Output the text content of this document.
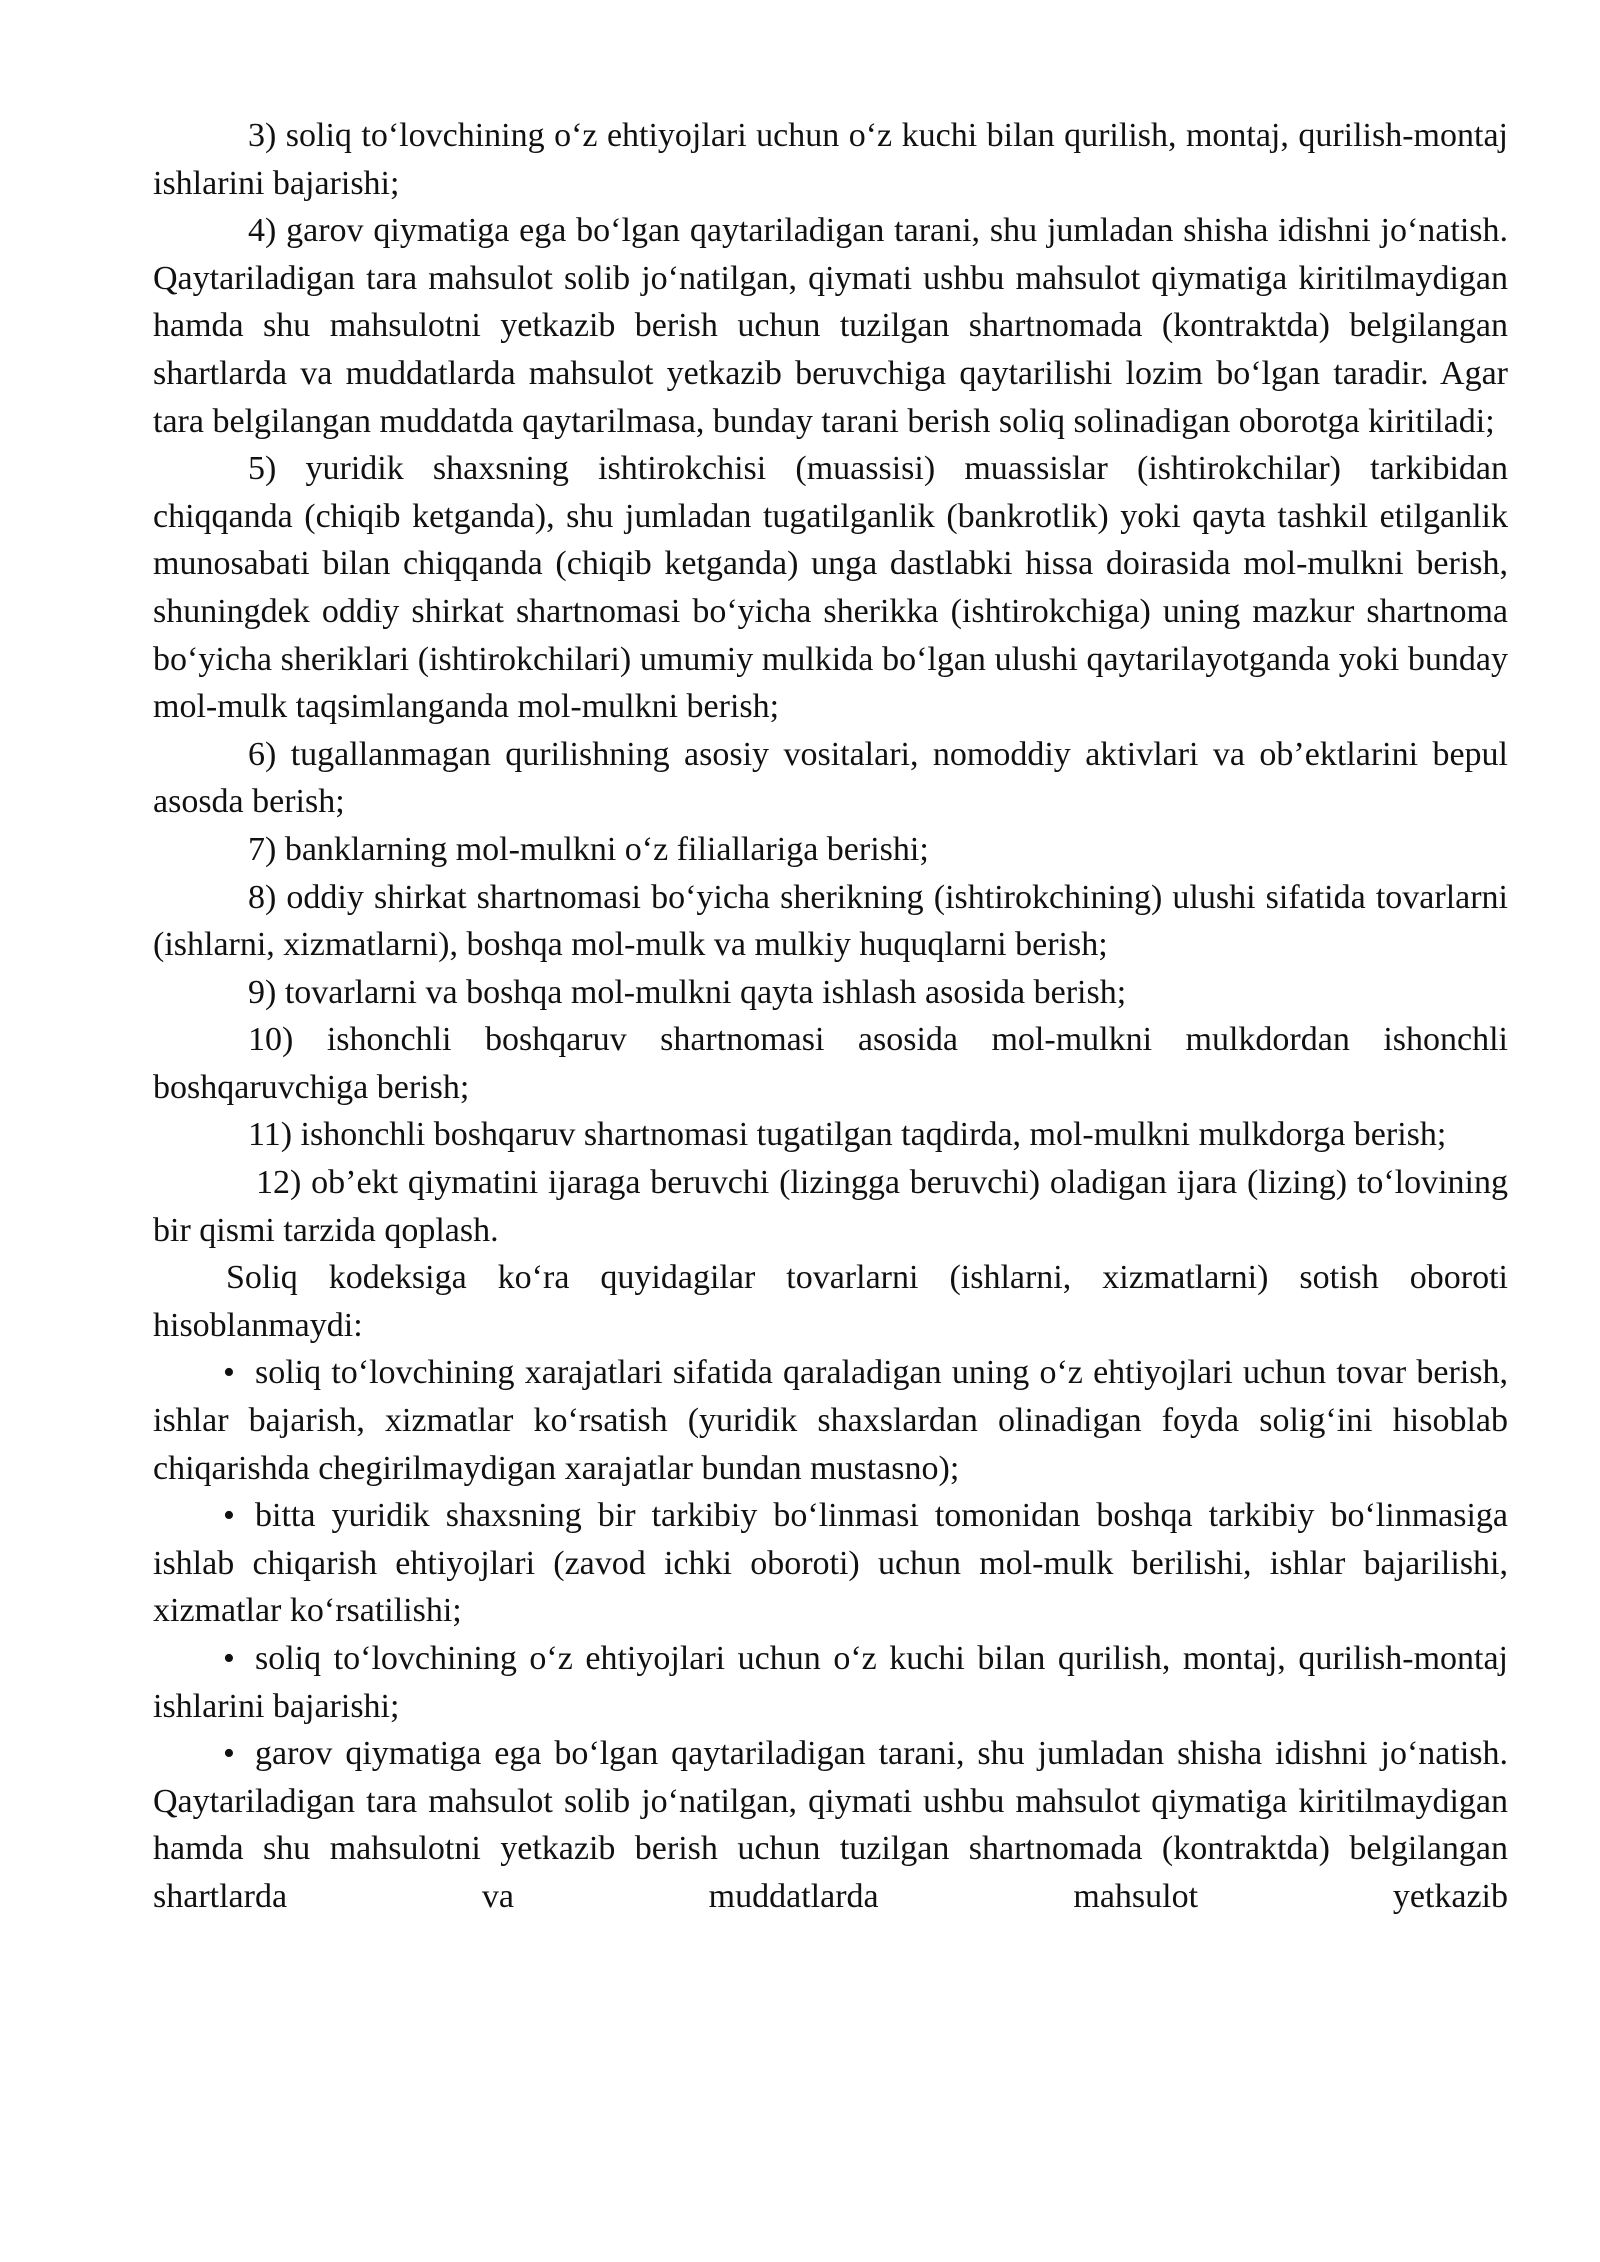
3) soliq to‘lovchining o‘z ehtiyojlari uchun o‘z kuchi bilan qurilish, montaj, qurilish-montaj ishlarini bajarishi;

4) garov qiymatiga ega bo‘lgan qaytariladigan tarani, shu jumladan shisha idishni jo‘natish. Qaytariladigan tara mahsulot solib jo‘natilgan, qiymati ushbu mahsulot qiymatiga kiritilmaydigan hamda shu mahsulotni yetkazib berish uchun tuzilgan shartnomada (kontraktda) belgilangan shartlarda va muddatlarda mahsulot yetkazib beruvchiga qaytarilishi lozim bo‘lgan taradir. Agar tara belgilangan muddatda qaytarilmasa, bunday tarani berish soliq solinadigan oborotga kiritiladi;

5) yuridik shaxsning ishtirokchisi (muassisi) muassislar (ishtirokchilar) tarkibidan chiqqanda (chiqib ketganda), shu jumladan tugatilganlik (bankrotlik) yoki qayta tashkil etilganlik munosabati bilan chiqqanda (chiqib ketganda) unga dastlabki hissa doirasida mol-mulkni berish, shuningdek oddiy shirkat shartnomasi bo‘yicha sherikka (ishtirokchiga) uning mazkur shartnoma bo‘yicha sheriklari (ishtirokchilari) umumiy mulkida bo‘lgan ulushi qaytarilayotganda yoki bunday mol-mulk taqsimlanganda mol-mulkni berish;

6) tugallanmagan qurilishning asosiy vositalari, nomoddiy aktivlari va ob’ektlarini bepul asosda berish;

7) banklarning mol-mulkni o‘z filiallariga berishi;

8) oddiy shirkat shartnomasi bo‘yicha sherikning (ishtirokchining) ulushi sifatida tovarlarni (ishlarni, xizmatlarni), boshqa mol-mulk va mulkiy huquqlarni berish;

9) tovarlarni va boshqa mol-mulkni qayta ishlash asosida berish;

10) ishonchli boshqaruv shartnomasi asosida mol-mulkni mulkdordan ishonchli boshqaruvchiga berish;

11) ishonchli boshqaruv shartnomasi tugatilgan taqdirda, mol-mulkni mulkdorga berish;

12) ob’ekt qiymatini ijaraga beruvchi (lizingga beruvchi) oladigan ijara (lizing) to‘lovining bir qismi tarzida qoplash.

Soliq kodeksiga ko‘ra quyidagilar tovarlarni (ishlarni, xizmatlarni) sotish oboroti hisoblanmaydi:

• soliq to‘lovchining xarajatlari sifatida qaraladigan uning o‘z ehtiyojlari uchun tovar berish, ishlar bajarish, xizmatlar ko‘rsatish (yuridik shaxslardan olinadigan foyda solig‘ini hisoblab chiqarishda chegirilmaydigan xarajatlar bundan mustasno);

• bitta yuridik shaxsning bir tarkibiy bo‘linmasi tomonidan boshqa tarkibiy bo‘linmasiga ishlab chiqarish ehtiyojlari (zavod ichki oboroti) uchun mol-mulk berilishi, ishlar bajarilishi, xizmatlar ko‘rsatilishi;

• soliq to‘lovchining o‘z ehtiyojlari uchun o‘z kuchi bilan qurilish, montaj, qurilish-montaj ishlarini bajarishi;

• garov qiymatiga ega bo‘lgan qaytariladigan tarani, shu jumladan shisha idishni jo‘natish. Qaytariladigan tara mahsulot solib jo‘natilgan, qiymati ushbu mahsulot qiymatiga kiritilmaydigan hamda shu mahsulotni yetkazib berish uchun tuzilgan shartnomada (kontraktda) belgilangan shartlarda va muddatlarda mahsulot yetkazib
